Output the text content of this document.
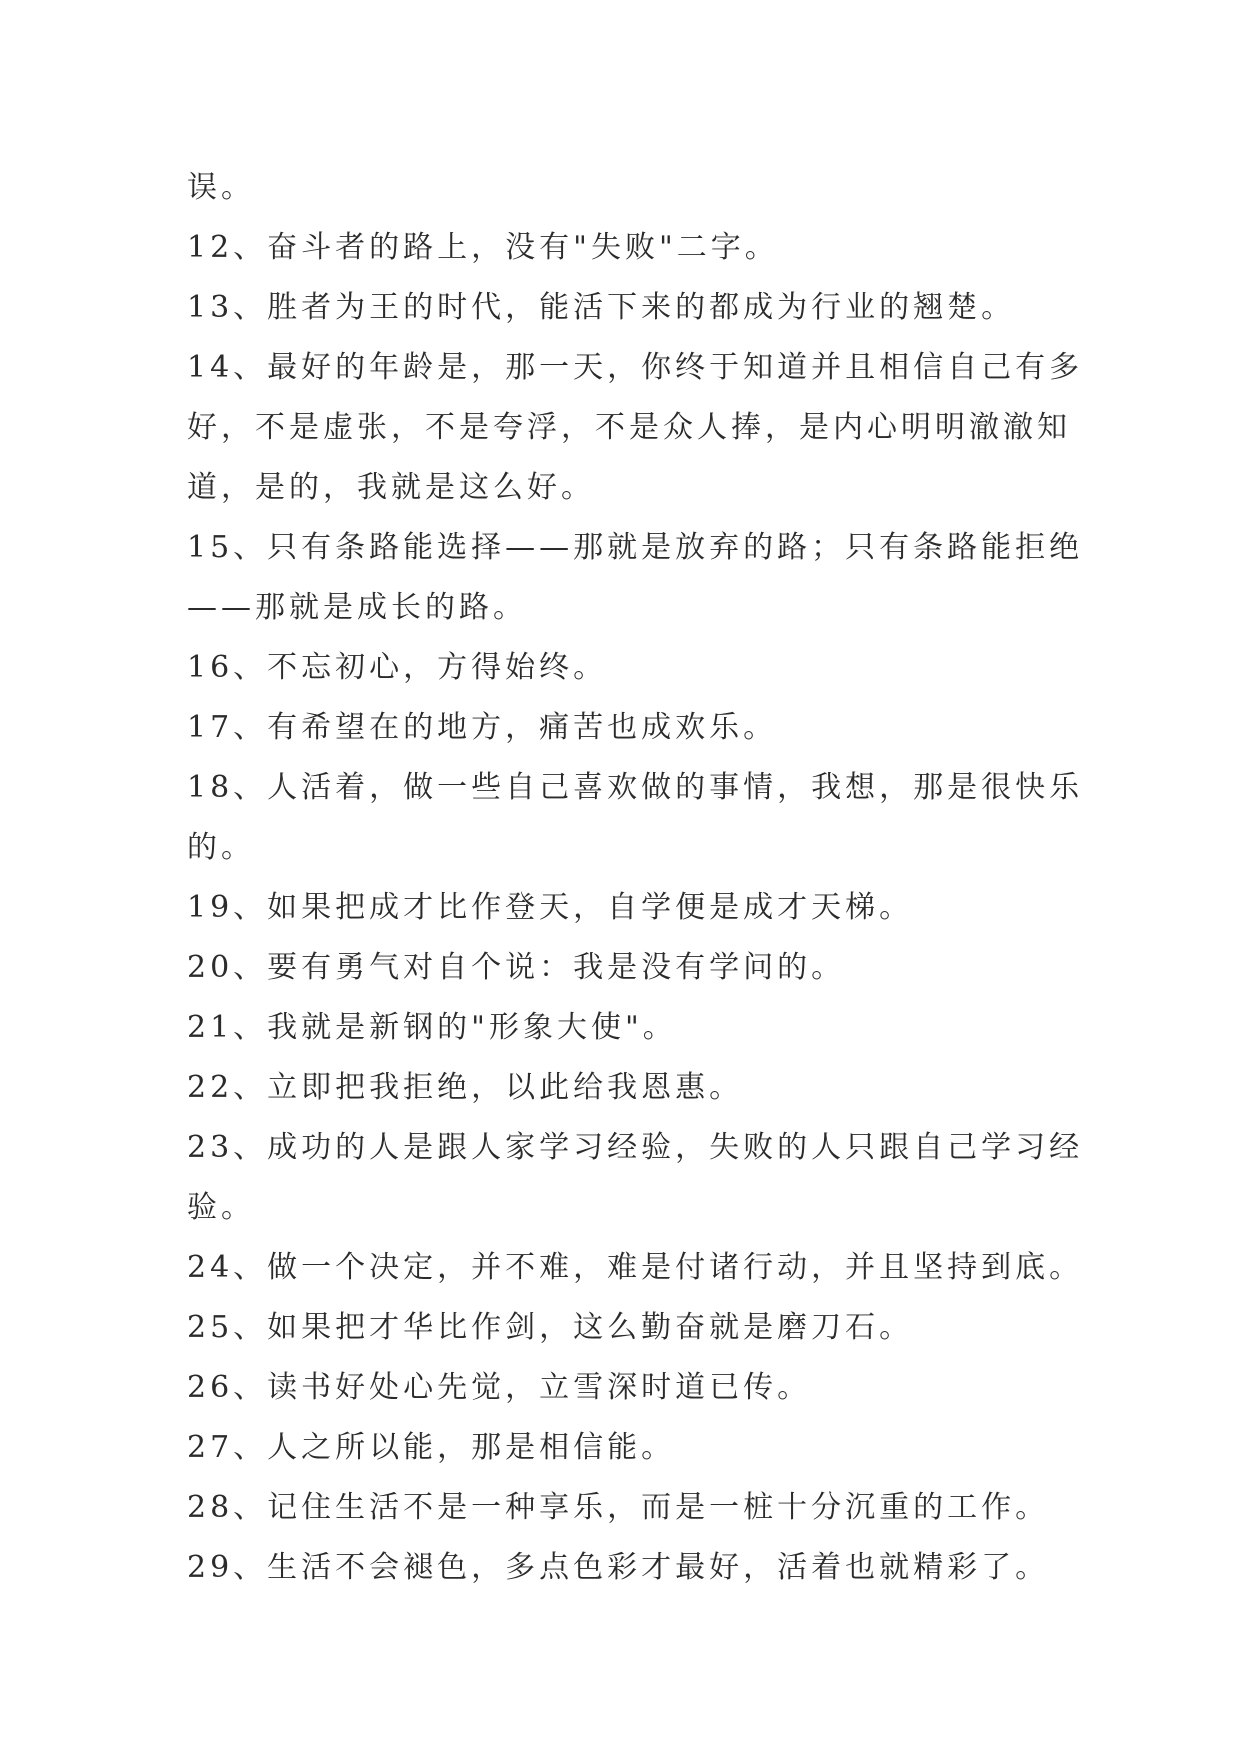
误。
12、奋斗者的路上，没有"失败"二字。
13、胜者为王的时代，能活下来的都成为行业的翘楚。
14、最好的年龄是，那一天，你终于知道并且相信自己有多
好，不是虚张，不是夸浮，不是众人捧，是内心明明澈澈知
道，是的，我就是这么好。
15、只有条路能选择——那就是放弃的路；只有条路能拒绝
——那就是成长的路。
16、不忘初心，方得始终。
17、有希望在的地方，痛苦也成欢乐。
18、人活着，做一些自己喜欢做的事情，我想，那是很快乐
的。
19、如果把成才比作登天，自学便是成才天梯。
20、要有勇气对自个说：我是没有学问的。
21、我就是新钢的"形象大使"。
22、立即把我拒绝，以此给我恩惠。
23、成功的人是跟人家学习经验，失败的人只跟自己学习经
验。
24、做一个决定，并不难，难是付诸行动，并且坚持到底。
25、如果把才华比作剑，这么勤奋就是磨刀石。
26、读书好处心先觉，立雪深时道已传。
27、人之所以能，那是相信能。
28、记住生活不是一种享乐，而是一桩十分沉重的工作。
29、生活不会褪色，多点色彩才最好，活着也就精彩了。
